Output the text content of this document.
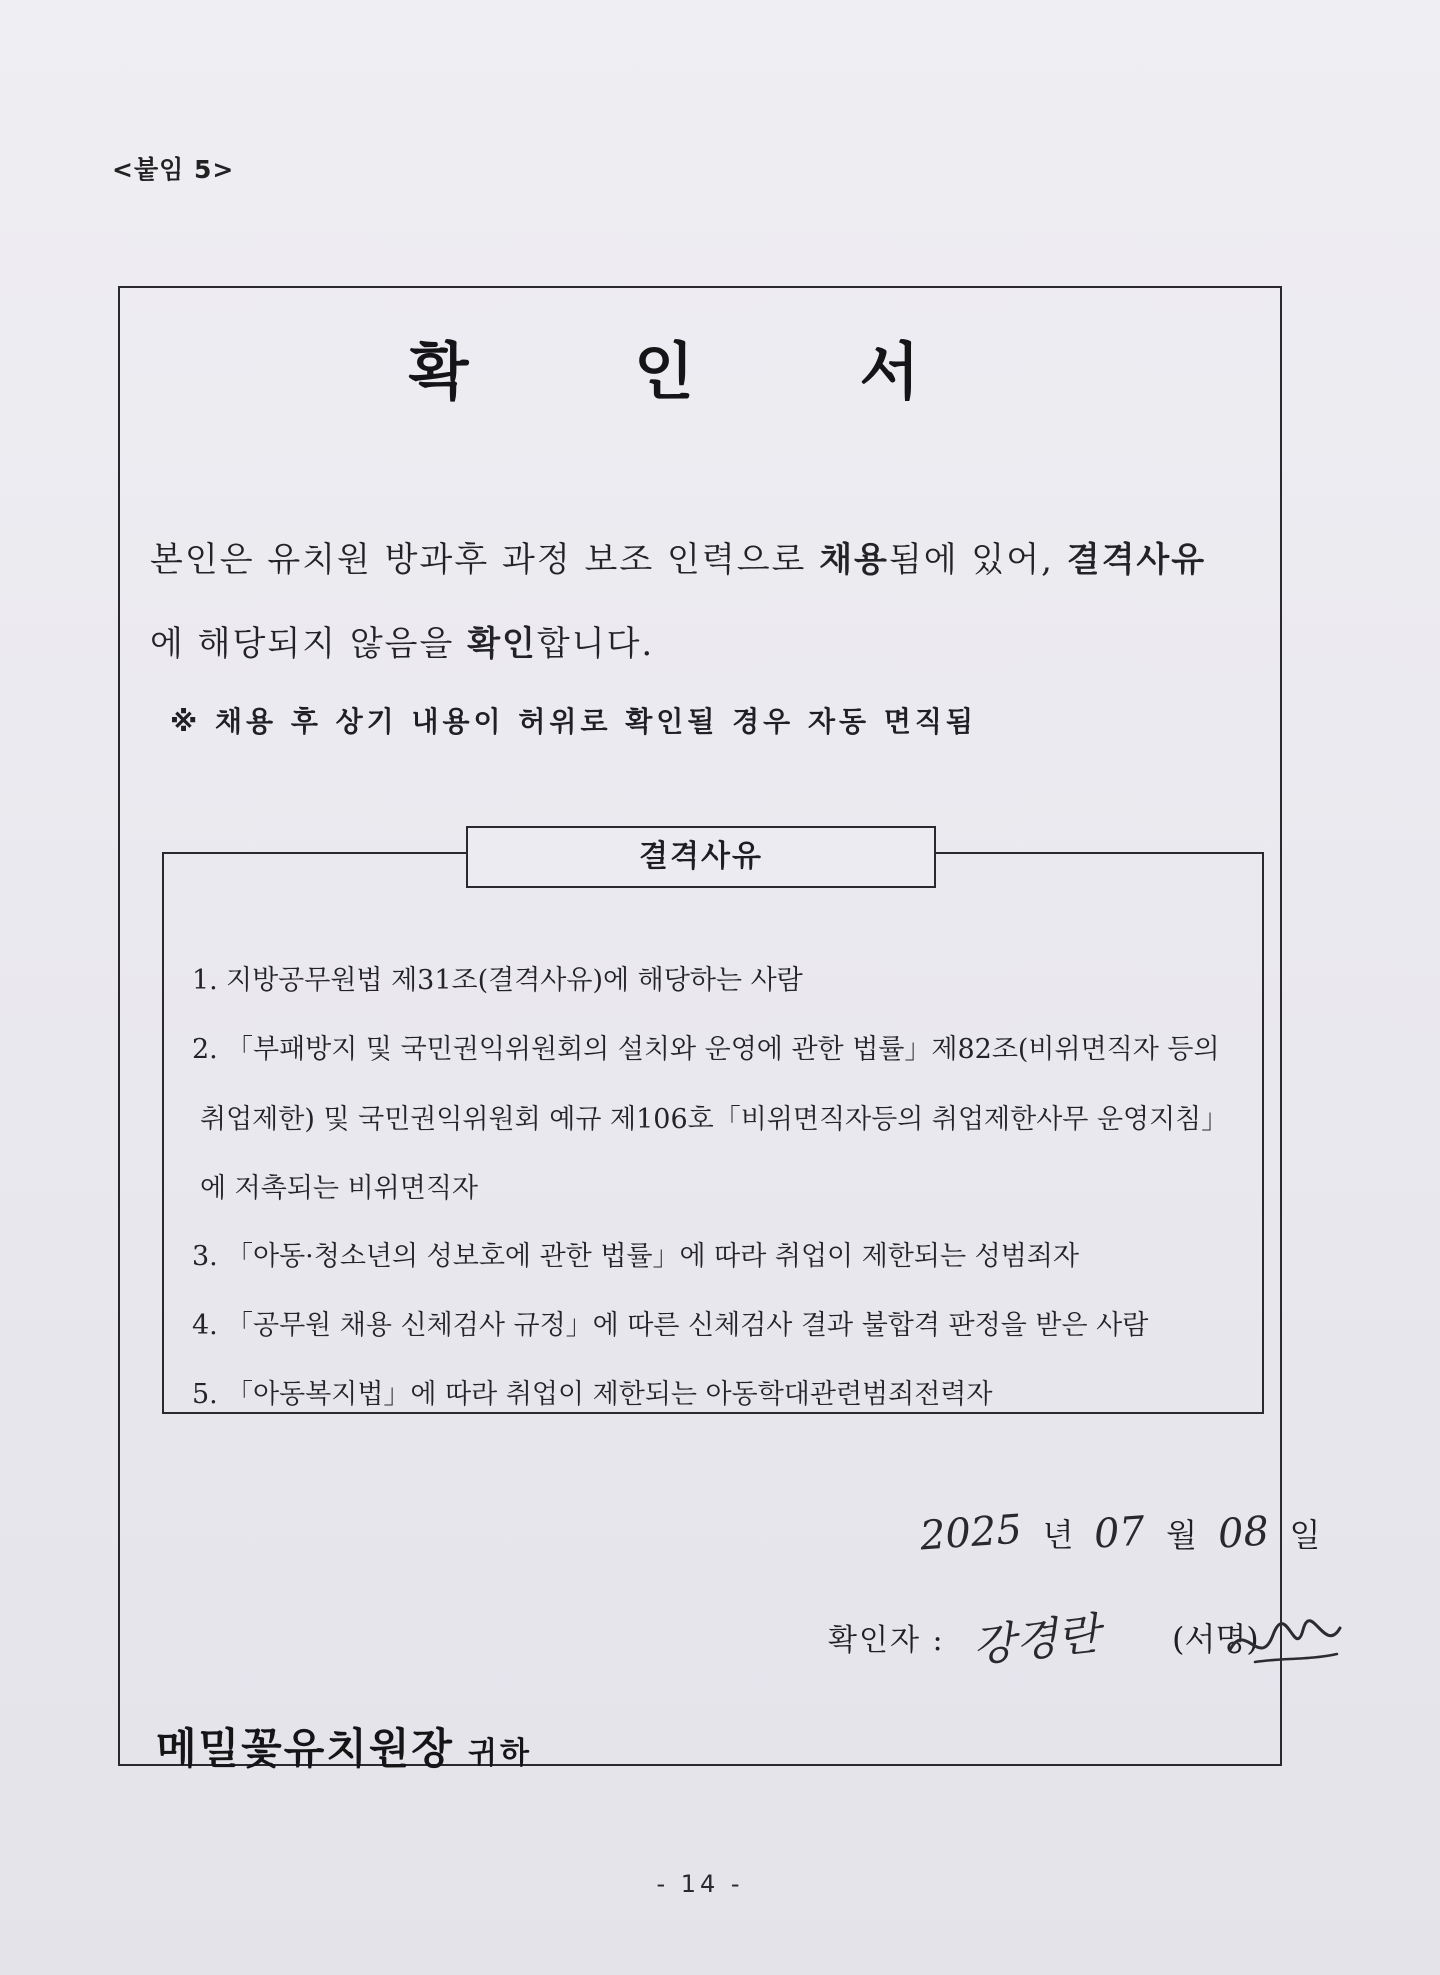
<붙임 5>
확 인 서
본인은 유치원 방과후 과정 보조 인력으로 채용됨에 있어, 결격사유
에 해당되지 않음을 확인합니다.
※ 채용 후 상기 내용이 허위로 확인될 경우 자동 면직됨
결격사유
1. 지방공무원법 제31조(결격사유)에 해당하는 사람
2. 「부패방지 및 국민권익위원회의 설치와 운영에 관한 법률」제82조(비위면직자 등의
취업제한) 및 국민권익위원회 예규 제106호「비위면직자등의 취업제한사무 운영지침」
에 저촉되는 비위면직자
3. 「아동·청소년의 성보호에 관한 법률」에 따라 취업이 제한되는 성범죄자
4. 「공무원 채용 신체검사 규정」에 따른 신체검사 결과 불합격 판정을 받은 사람
5. 「아동복지법」에 따라 취업이 제한되는 아동학대관련범죄전력자
2025 년 07 월 08 일
확인자 : 강경란 (서명)
메밀꽃유치원장 귀하
- 14 -
